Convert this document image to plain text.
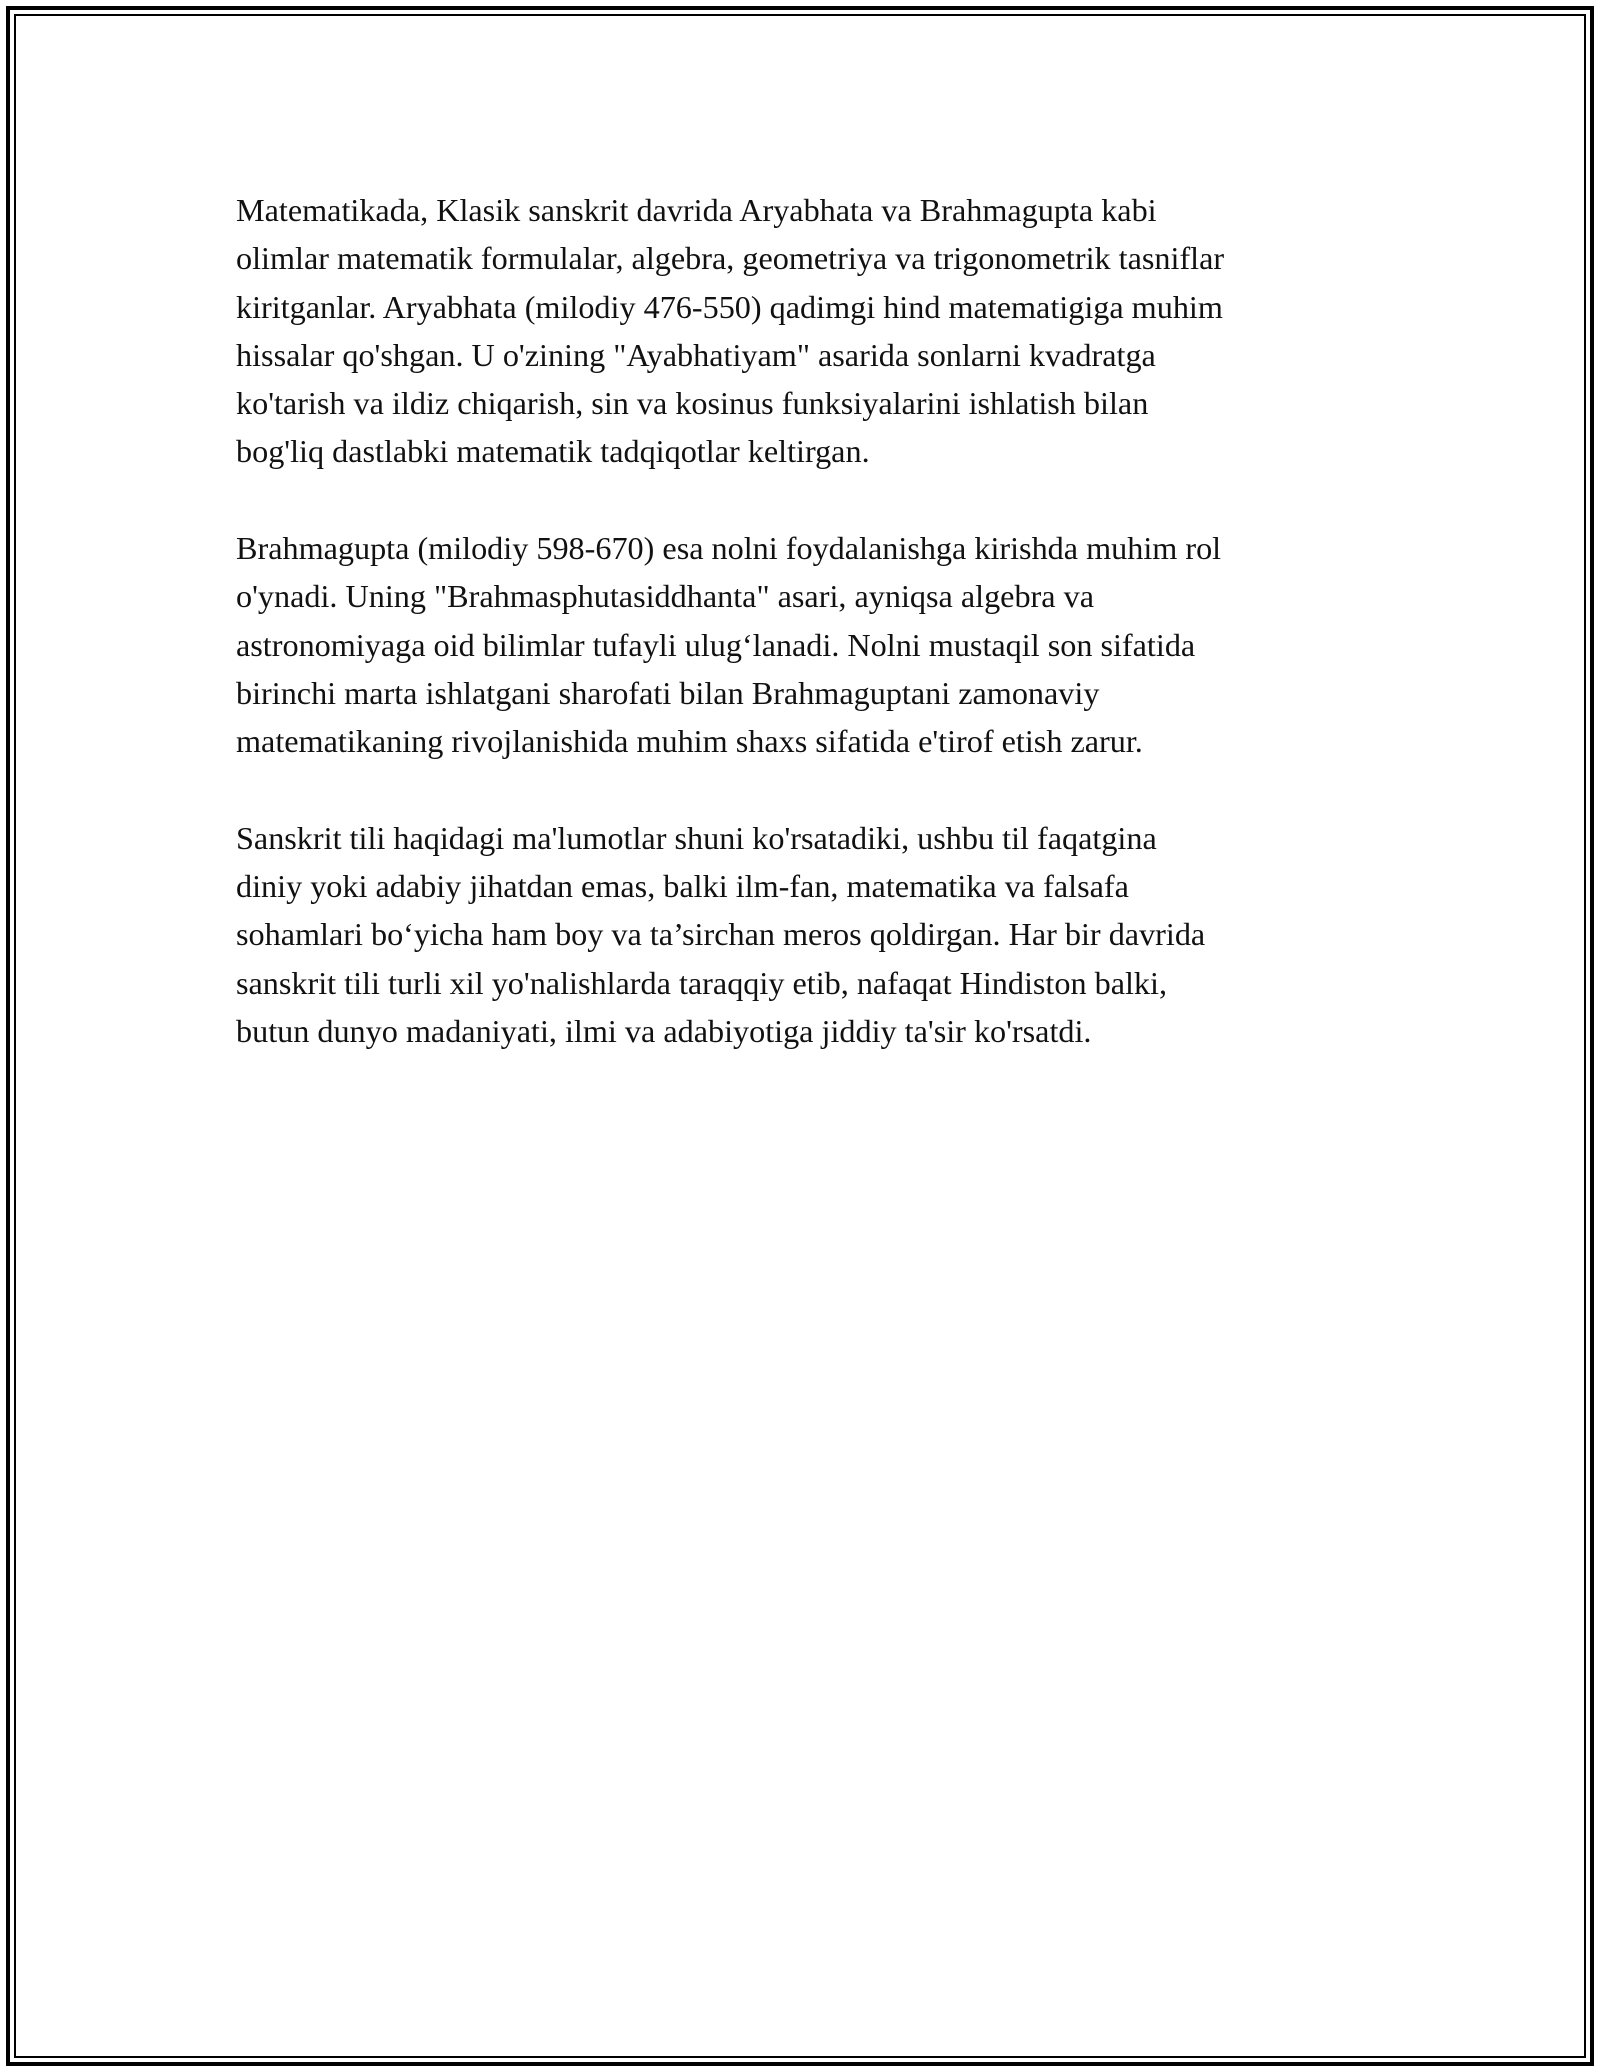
Matematikada, Klasik sanskrit davrida Aryabhata va Brahmagupta kabi
olimlar matematik formulalar, algebra, geometriya va trigonometrik tasniflar
kiritganlar. Aryabhata (milodiy 476-550) qadimgi hind matematigiga muhim
hissalar qo'shgan. U o'zining "Ayabhatiyam" asarida sonlarni kvadratga
ko'tarish va ildiz chiqarish, sin va kosinus funksiyalarini ishlatish bilan
bog'liq dastlabki matematik tadqiqotlar keltirgan.

Brahmagupta (milodiy 598-670) esa nolni foydalanishga kirishda muhim rol
o'ynadi. Uning "Brahmasphutasiddhanta" asari, ayniqsa algebra va
astronomiyaga oid bilimlar tufayli ulug‘lanadi. Nolni mustaqil son sifatida
birinchi marta ishlatgani sharofati bilan Brahmaguptani zamonaviy
matematikaning rivojlanishida muhim shaxs sifatida e'tirof etish zarur.

Sanskrit tili haqidagi ma'lumotlar shuni ko'rsatadiki, ushbu til faqatgina
diniy yoki adabiy jihatdan emas, balki ilm-fan, matematika va falsafa
sohamlari bo‘yicha ham boy va ta’sirchan meros qoldirgan. Har bir davrida
sanskrit tili turli xil yo'nalishlarda taraqqiy etib, nafaqat Hindiston balki,
butun dunyo madaniyati, ilmi va adabiyotiga jiddiy ta'sir ko'rsatdi.
